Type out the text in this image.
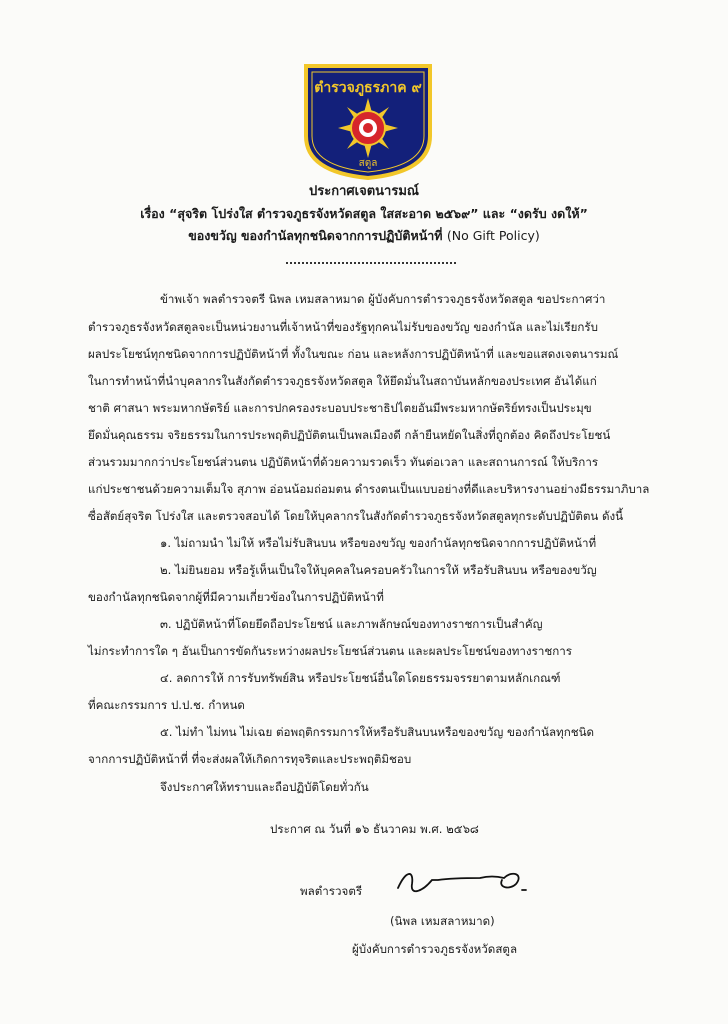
ตำรวจภูธรภาค ๙
สตูล

ประกาศเจตนารมณ์

เรื่อง “สุจริต โปร่งใส ตำรวจภูธรจังหวัดสตูล ใสสะอาด ๒๕๖๙” และ “งดรับ งดให้”

ของขวัญ ของกำนัลทุกชนิดจากการปฏิบัติหน้าที่ (No Gift Policy)

ข้าพเจ้า พลตำรวจตรี นิพล เหมสลาหมาด ผู้บังคับการตำรวจภูธรจังหวัดสตูล ขอประกาศว่า
ตำรวจภูธรจังหวัดสตูลจะเป็นหน่วยงานที่เจ้าหน้าที่ของรัฐทุกคนไม่รับของขวัญ ของกำนัล และไม่เรียกรับ
ผลประโยชน์ทุกชนิดจากการปฏิบัติหน้าที่ ทั้งในขณะ ก่อน และหลังการปฏิบัติหน้าที่ และขอแสดงเจตนารมณ์
ในการทำหน้าที่นำบุคลากรในสังกัดตำรวจภูธรจังหวัดสตูล ให้ยึดมั่นในสถาบันหลักของประเทศ อันได้แก่
ชาติ ศาสนา พระมหากษัตริย์ และการปกครองระบอบประชาธิปไตยอันมีพระมหากษัตริย์ทรงเป็นประมุข
ยึดมั่นคุณธรรม จริยธรรมในการประพฤติปฏิบัติตนเป็นพลเมืองดี กล้ายืนหยัดในสิ่งที่ถูกต้อง คิดถึงประโยชน์
ส่วนรวมมากกว่าประโยชน์ส่วนตน ปฏิบัติหน้าที่ด้วยความรวดเร็ว ทันต่อเวลา และสถานการณ์ ให้บริการ
แก่ประชาชนด้วยความเต็มใจ สุภาพ อ่อนน้อมถ่อมตน ดำรงตนเป็นแบบอย่างที่ดีและบริหารงานอย่างมีธรรมาภิบาล
ซื่อสัตย์สุจริต โปร่งใส และตรวจสอบได้ โดยให้บุคลากรในสังกัดตำรวจภูธรจังหวัดสตูลทุกระดับปฏิบัติตน ดังนี้
๑. ไม่ถามนำ ไม่ให้ หรือไม่รับสินบน หรือของขวัญ ของกำนัลทุกชนิดจากการปฏิบัติหน้าที่
๒. ไม่ยินยอม หรือรู้เห็นเป็นใจให้บุคคลในครอบครัวในการให้ หรือรับสินบน หรือของขวัญ
ของกำนัลทุกชนิดจากผู้ที่มีความเกี่ยวข้องในการปฏิบัติหน้าที่
๓. ปฏิบัติหน้าที่โดยยึดถือประโยชน์ และภาพลักษณ์ของทางราชการเป็นสำคัญ
ไม่กระทำการใด ๆ อันเป็นการขัดกันระหว่างผลประโยชน์ส่วนตน และผลประโยชน์ของทางราชการ
๔. ลดการให้ การรับทรัพย์สิน หรือประโยชน์อื่นใดโดยธรรมจรรยาตามหลักเกณฑ์
ที่คณะกรรมการ ป.ป.ช. กำหนด
๕. ไม่ทำ ไม่ทน ไม่เฉย ต่อพฤติกรรมการให้หรือรับสินบนหรือของขวัญ ของกำนัลทุกชนิด
จากการปฏิบัติหน้าที่ ที่จะส่งผลให้เกิดการทุจริตและประพฤติมิชอบ
จึงประกาศให้ทราบและถือปฏิบัติโดยทั่วกัน
ประกาศ ณ วันที่ ๑๖ ธันวาคม พ.ศ. ๒๕๖๘
พลตำรวจตรี
(นิพล เหมสลาหมาด)
ผู้บังคับการตำรวจภูธรจังหวัดสตูล
